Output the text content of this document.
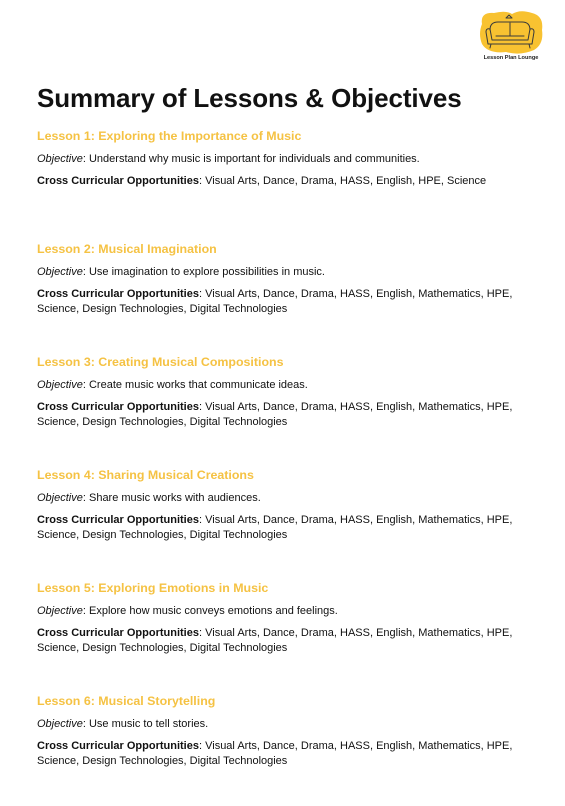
Lesson Plan Lounge
Summary of Lessons & Objectives
Lesson 1: Exploring the Importance of Music
Objective: Understand why music is important for individuals and communities.
Cross Curricular Opportunities: Visual Arts, Dance, Drama, HASS, English, HPE, Science
Lesson 2: Musical Imagination
Objective: Use imagination to explore possibilities in music.
Cross Curricular Opportunities: Visual Arts, Dance, Drama, HASS, English, Mathematics, HPE, Science, Design Technologies, Digital Technologies
Lesson 3: Creating Musical Compositions
Objective: Create music works that communicate ideas.
Cross Curricular Opportunities: Visual Arts, Dance, Drama, HASS, English, Mathematics, HPE, Science, Design Technologies, Digital Technologies
Lesson 4: Sharing Musical Creations
Objective: Share music works with audiences.
Cross Curricular Opportunities: Visual Arts, Dance, Drama, HASS, English, Mathematics, HPE, Science, Design Technologies, Digital Technologies
Lesson 5: Exploring Emotions in Music
Objective: Explore how music conveys emotions and feelings.
Cross Curricular Opportunities: Visual Arts, Dance, Drama, HASS, English, Mathematics, HPE, Science, Design Technologies, Digital Technologies
Lesson 6: Musical Storytelling
Objective: Use music to tell stories.
Cross Curricular Opportunities: Visual Arts, Dance, Drama, HASS, English, Mathematics, HPE, Science, Design Technologies, Digital Technologies
